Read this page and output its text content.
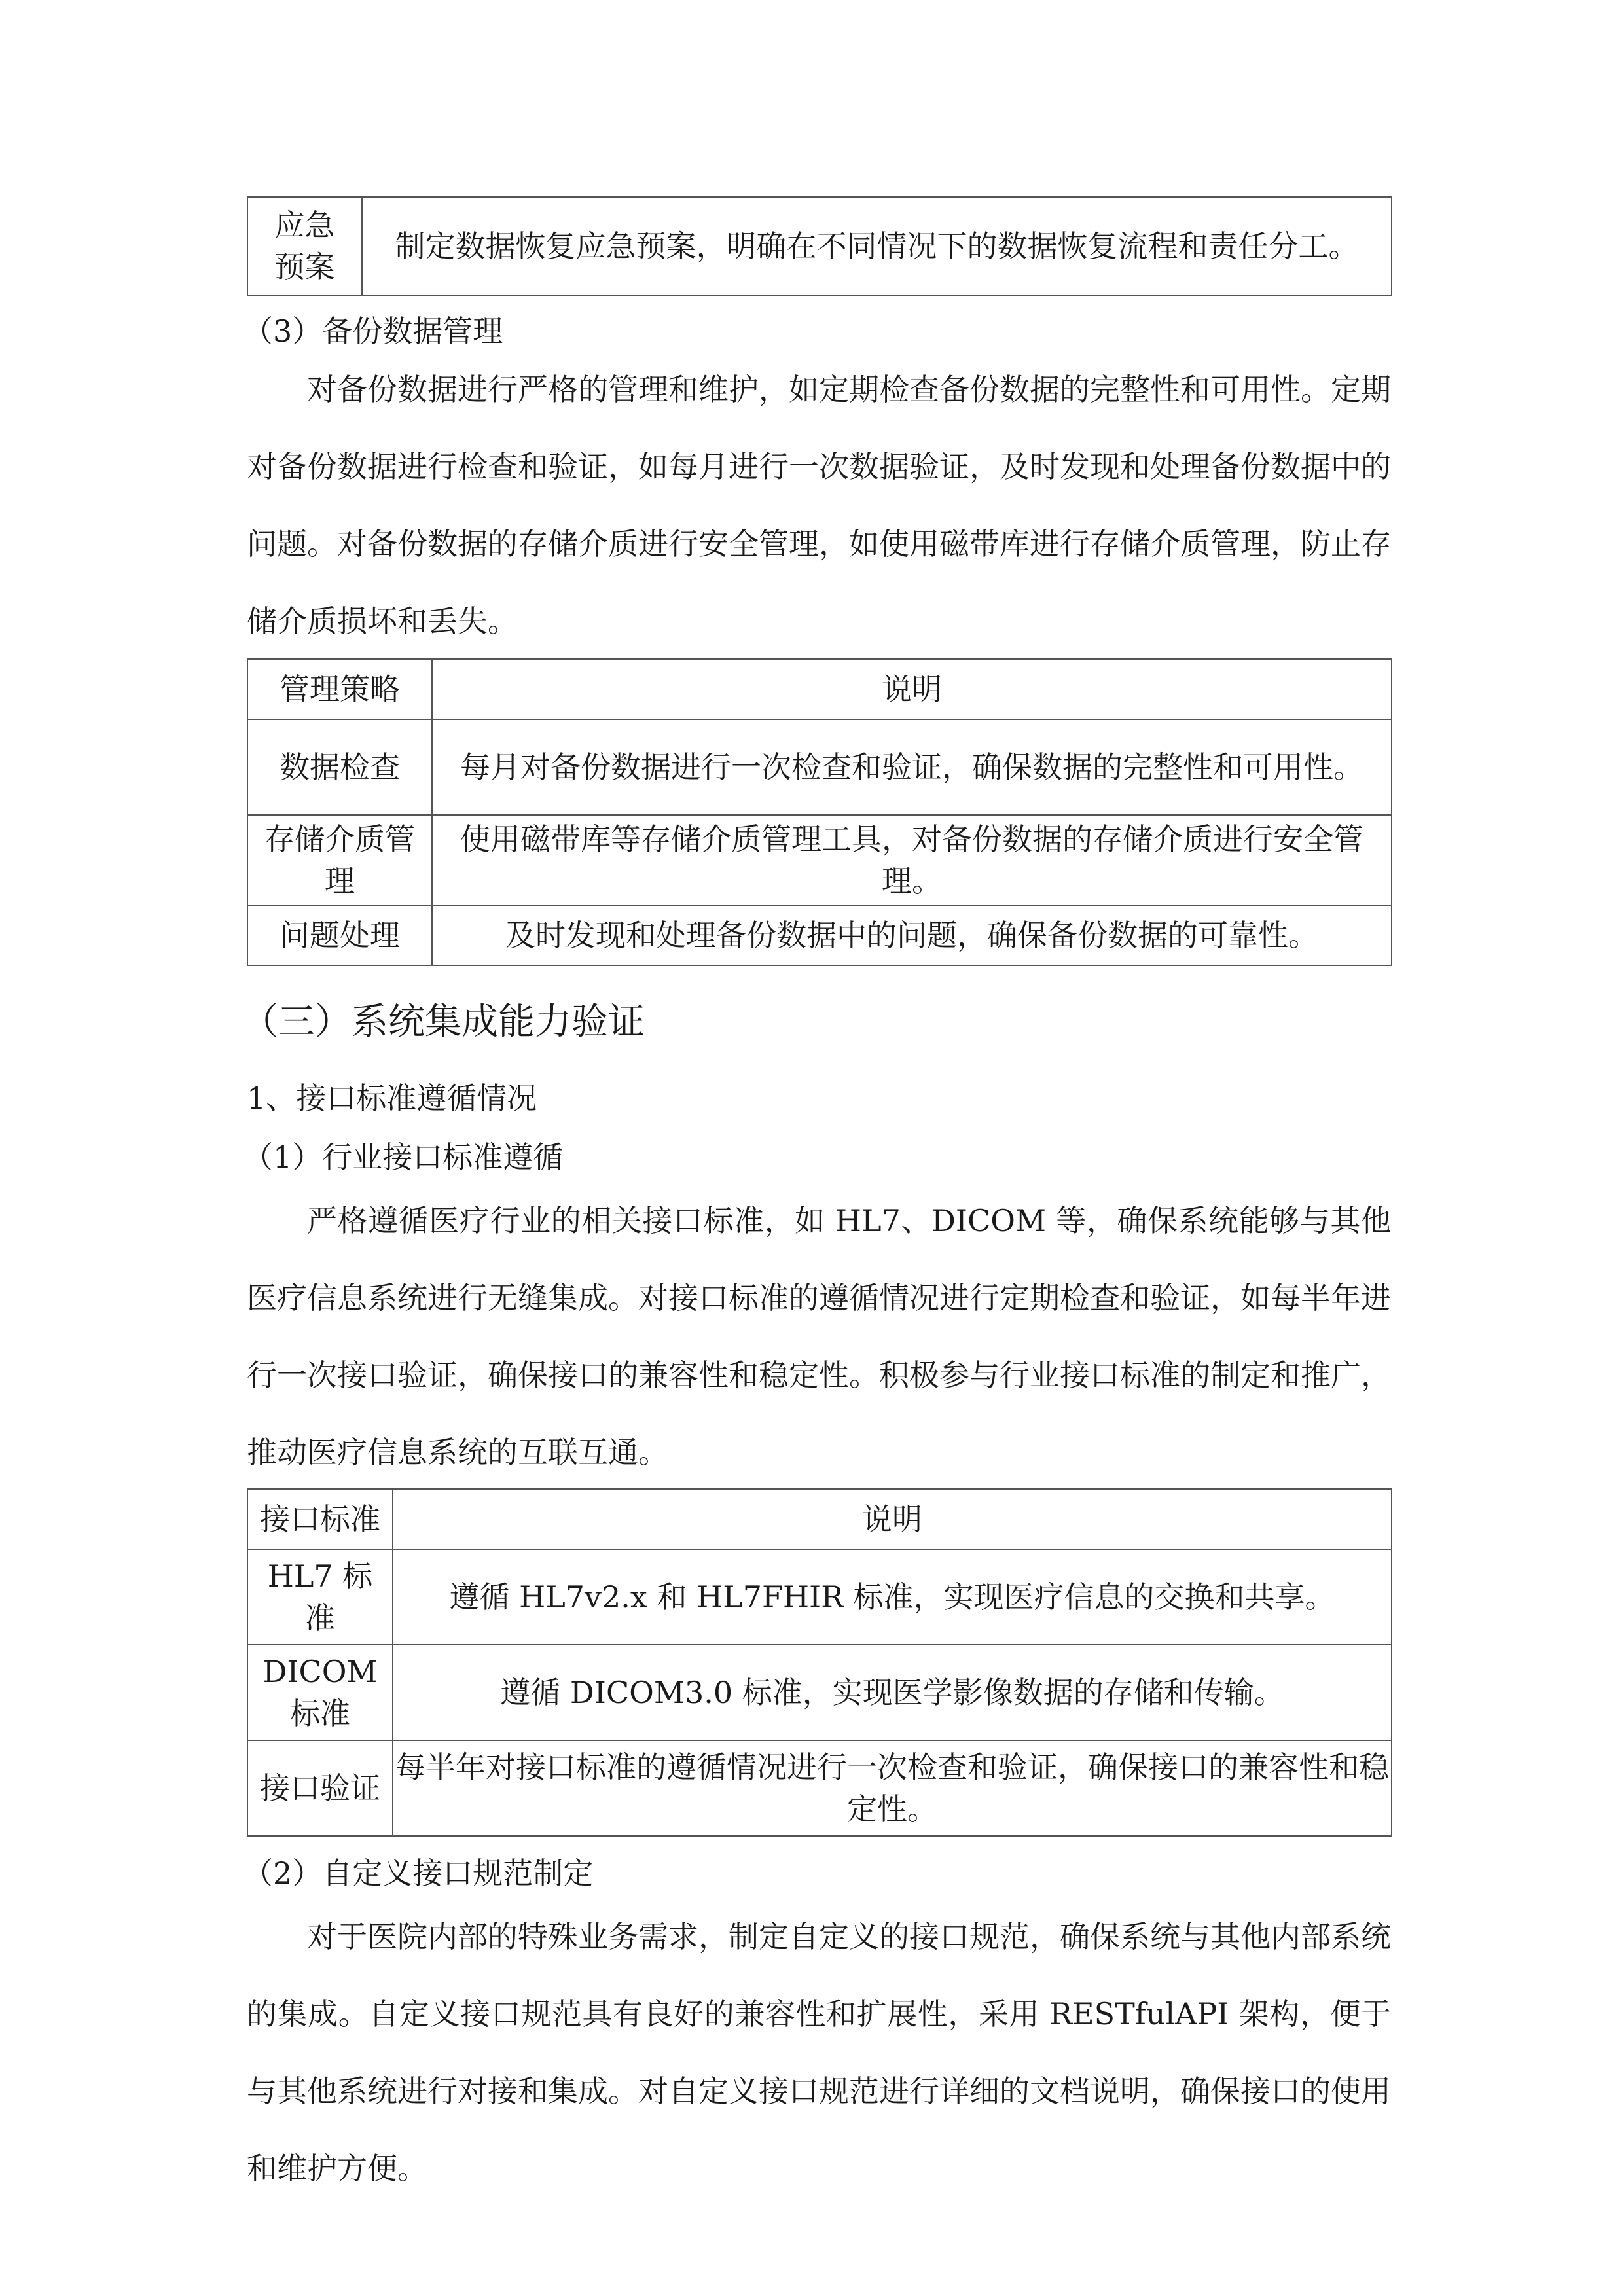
应急预案	制定数据恢复应急预案，明确在不同情况下的数据恢复流程和责任分工。

（3）备份数据管理

对备份数据进行严格的管理和维护，如定期检查备份数据的完整性和可用性。定期对备份数据进行检查和验证，如每月进行一次数据验证，及时发现和处理备份数据中的问题。对备份数据的存储介质进行安全管理，如使用磁带库进行存储介质管理，防止存储介质损坏和丢失。

管理策略	说明
数据检查	每月对备份数据进行一次检查和验证，确保数据的完整性和可用性。
存储介质管理	使用磁带库等存储介质管理工具，对备份数据的存储介质进行安全管理。
问题处理	及时发现和处理备份数据中的问题，确保备份数据的可靠性。

（三）系统集成能力验证

1、接口标准遵循情况

（1）行业接口标准遵循

严格遵循医疗行业的相关接口标准，如 HL7、DICOM 等，确保系统能够与其他医疗信息系统进行无缝集成。对接口标准的遵循情况进行定期检查和验证，如每半年进行一次接口验证，确保接口的兼容性和稳定性。积极参与行业接口标准的制定和推广，推动医疗信息系统的互联互通。

接口标准	说明
HL7 标准	遵循 HL7v2.x 和 HL7FHIR 标准，实现医疗信息的交换和共享。
DICOM 标准	遵循 DICOM3.0 标准，实现医学影像数据的存储和传输。
接口验证	每半年对接口标准的遵循情况进行一次检查和验证，确保接口的兼容性和稳定性。

（2）自定义接口规范制定

对于医院内部的特殊业务需求，制定自定义的接口规范，确保系统与其他内部系统的集成。自定义接口规范具有良好的兼容性和扩展性，采用 RESTfulAPI 架构，便于与其他系统进行对接和集成。对自定义接口规范进行详细的文档说明，确保接口的使用和维护方便。
